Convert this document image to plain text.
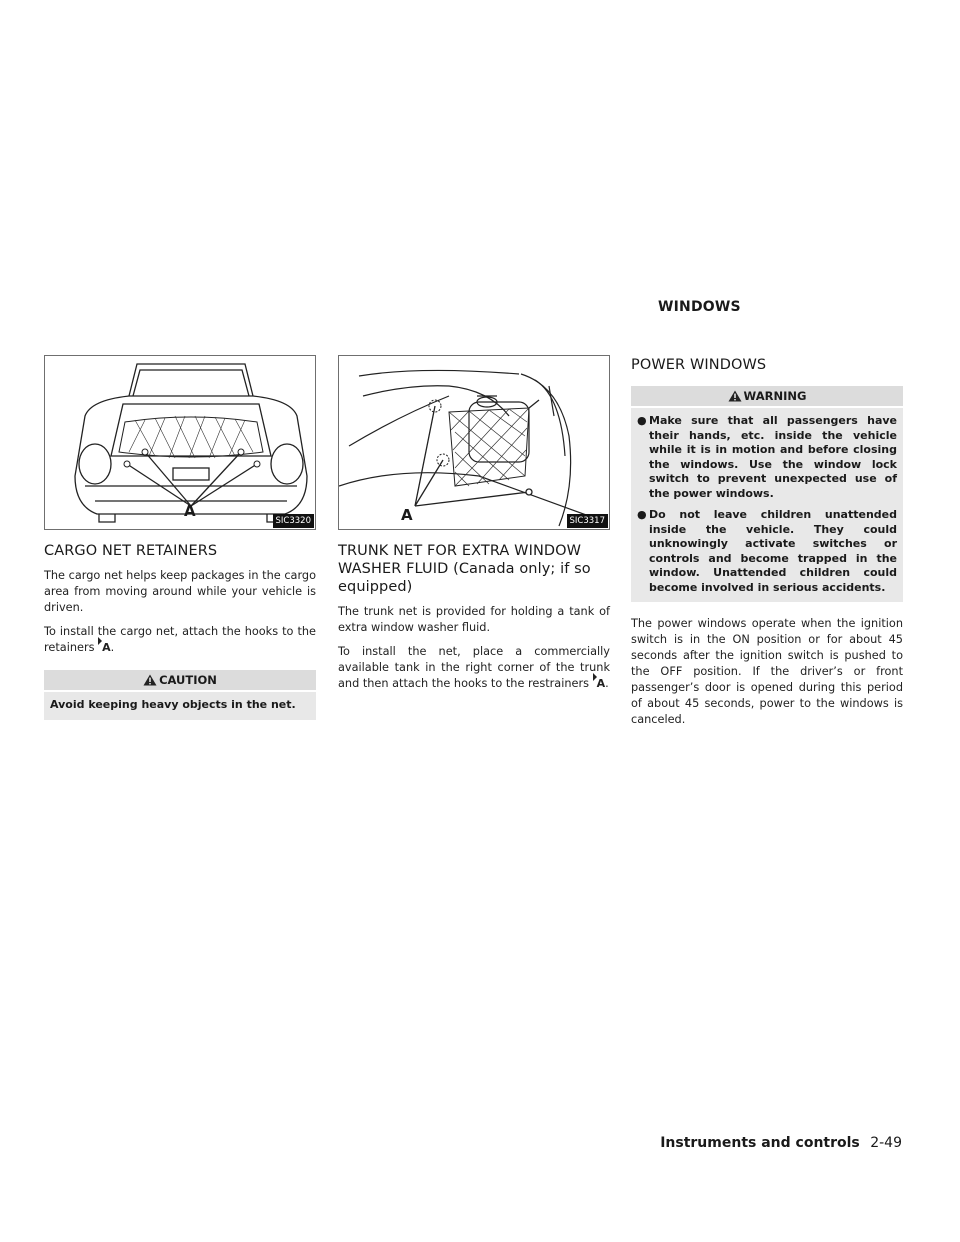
WINDOWS
A
SIC3320
CARGO NET RETAINERS

The cargo net helps keep packages in the cargo area from moving around while your vehicle is driven.

To install the cargo net, attach the hooks to the retainers A.

CAUTION
Avoid keeping heavy objects in the net.
A	SIC3317
TRUNK NET FOR EXTRA WINDOW WASHER FLUID (Canada only; if so equipped)

The trunk net is provided for holding a tank of extra window washer fluid.

To install the net, place a commercially available tank in the right corner of the trunk and then attach the hooks to the restrainers A.

POWER WINDOWS
WARNING
● Make sure that all passengers have their hands, etc. inside the vehicle while it is in motion and before closing the windows. Use the window lock switch to prevent unexpected use of the power windows.
● Do not leave children unattended inside the vehicle. They could unknowingly activate switches or controls and become trapped in the window. Unattended children could become involved in serious accidents.

The power windows operate when the ignition switch is in the ON position or for about 45 seconds after the ignition switch is pushed to the OFF position. If the driver’s or front passenger’s door is opened during this period of about 45 seconds, power to the windows is canceled.

Instruments and controls 2-49
